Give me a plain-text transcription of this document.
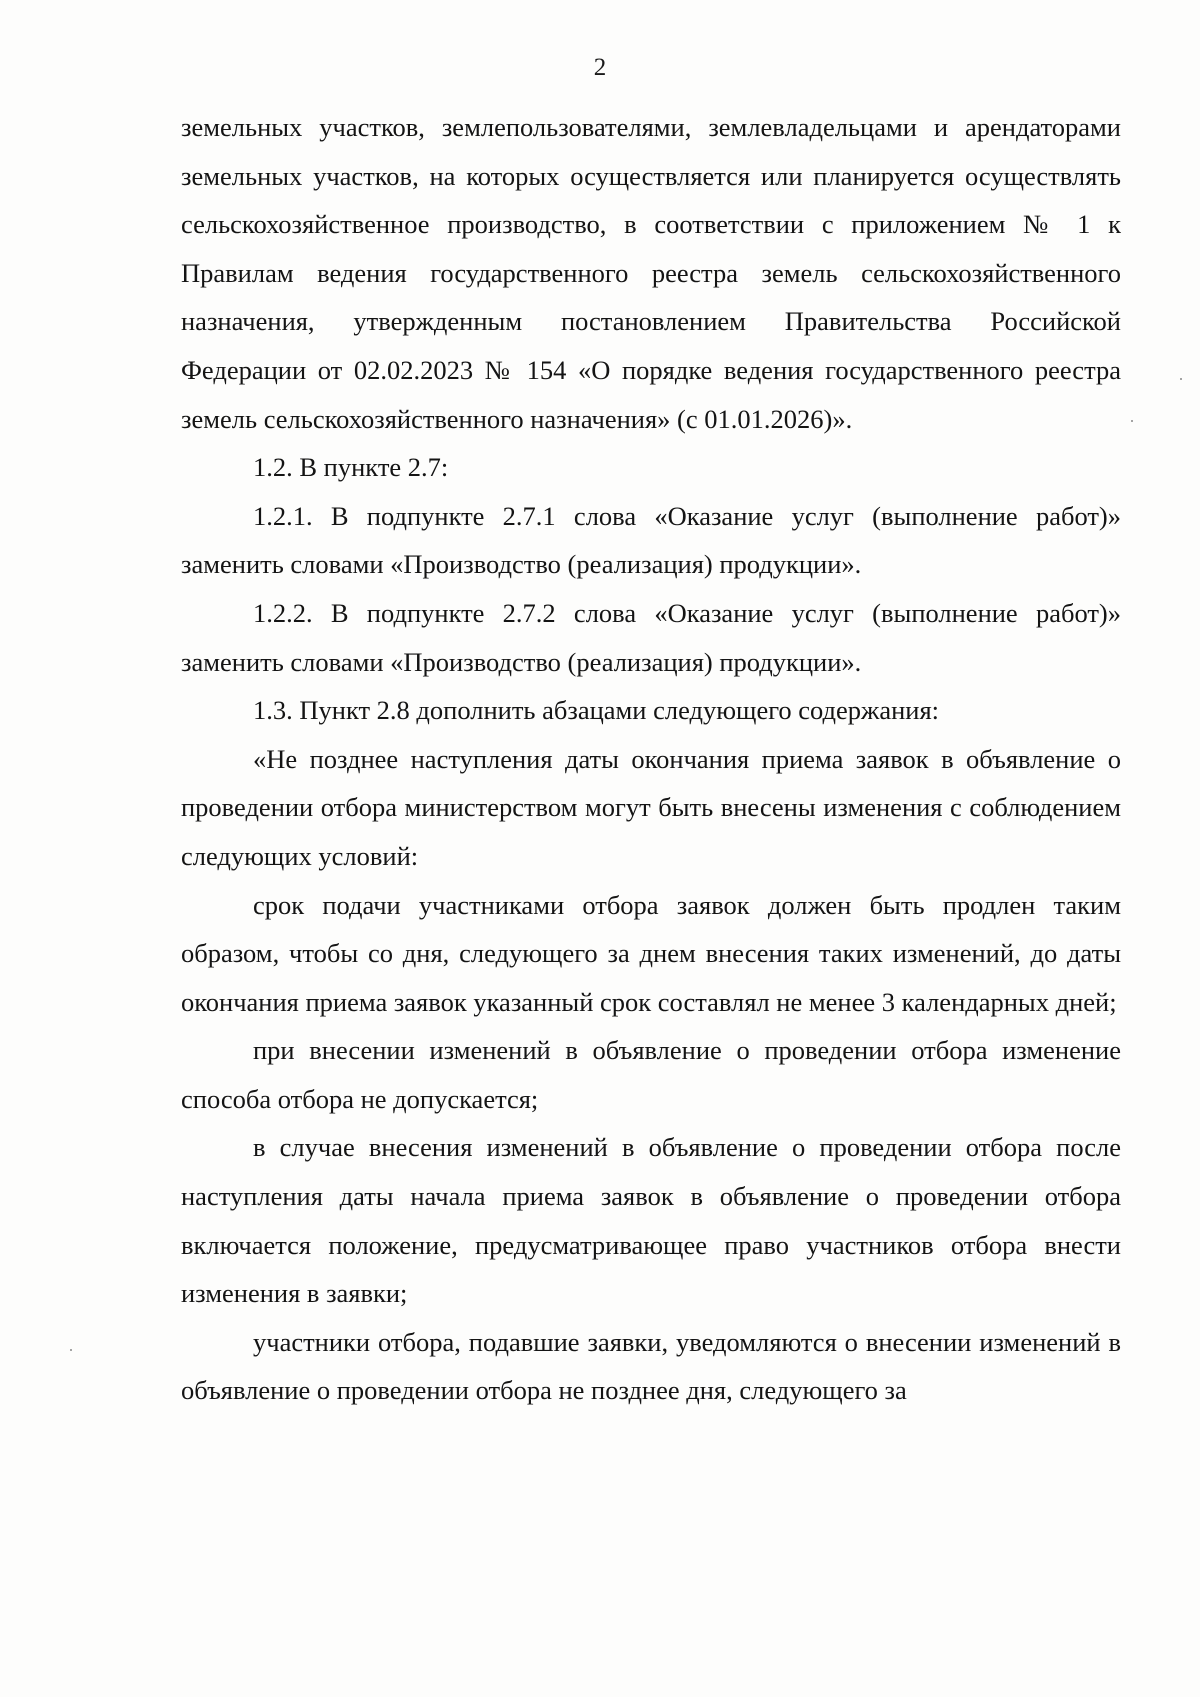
2

земельных участков, землепользователями, землевладельцами и арендаторами земельных участков, на которых осуществляется или планируется осуществлять сельскохозяйственное производство, в соответствии с приложением № 1 к Правилам ведения государственного реестра земель сельскохозяйственного назначения, утвержденным постановлением Правительства Российской Федерации от 02.02.2023 № 154 «О порядке ведения государственного реестра земель сельскохозяйственного назначения» (с 01.01.2026)».

1.2. В пункте 2.7:

1.2.1. В подпункте 2.7.1 слова «Оказание услуг (выполнение работ)» заменить словами «Производство (реализация) продукции».

1.2.2. В подпункте 2.7.2 слова «Оказание услуг (выполнение работ)» заменить словами «Производство (реализация) продукции».

1.3. Пункт 2.8 дополнить абзацами следующего содержания:

«Не позднее наступления даты окончания приема заявок в объявление о проведении отбора министерством могут быть внесены изменения с соблюдением следующих условий:

срок подачи участниками отбора заявок должен быть продлен таким образом, чтобы со дня, следующего за днем внесения таких изменений, до даты окончания приема заявок указанный срок составлял не менее 3 календарных дней;

при внесении изменений в объявление о проведении отбора изменение способа отбора не допускается;

в случае внесения изменений в объявление о проведении отбора после наступления даты начала приема заявок в объявление о проведении отбора включается положение, предусматривающее право участников отбора внести изменения в заявки;

участники отбора, подавшие заявки, уведомляются о внесении изменений в объявление о проведении отбора не позднее дня, следующего за
